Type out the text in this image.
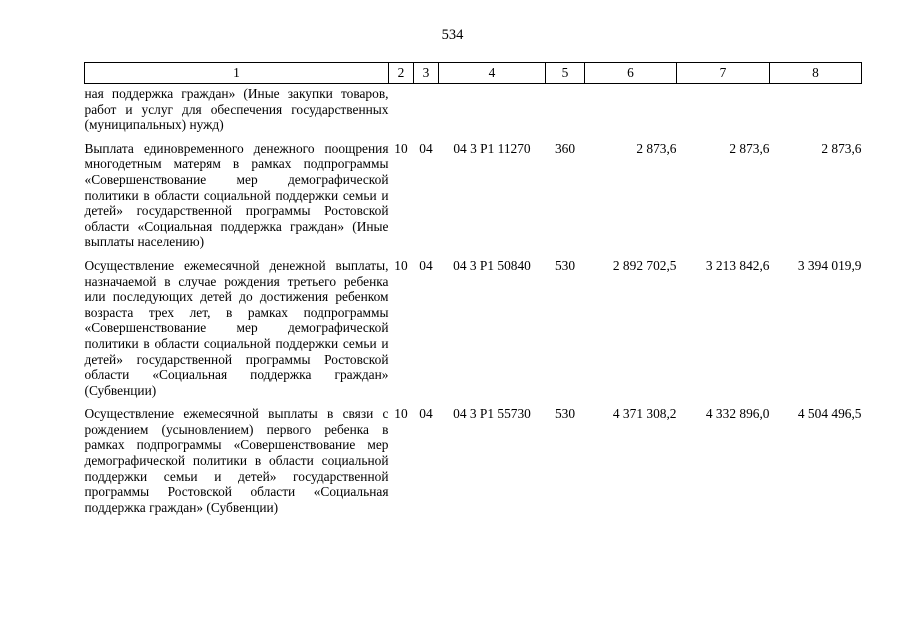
534
1	2	3	4	5	6	7	8
ная поддержка граждан» (Иные закупки товаров, работ и услуг для обеспечения государственных (муниципальных) нужд)							
Выплата единовременного денежного поощрения многодетным матерям в рамках подпрограммы «Совершенствование мер демографической политики в области социальной поддержки семьи и детей» государственной программы Ростовской области «Социальная поддержка граждан» (Иные выплаты населению)	10	04	04 3 P1 11270	360	2 873,6	2 873,6	2 873,6
Осуществление ежемесячной денежной выплаты, назначаемой в случае рождения третьего ребенка или последующих детей до достижения ребенком возраста трех лет, в рамках подпрограммы «Совершенствование мер демографической политики в области социальной поддержки семьи и детей» государственной программы Ростовской области «Социальная поддержка граждан» (Субвенции)	10	04	04 3 P1 50840	530	2 892 702,5	3 213 842,6	3 394 019,9
Осуществление ежемесячной выплаты в связи с рождением (усыновлением) первого ребенка в рамках подпрограммы «Совершенствование мер демографической политики в области социальной поддержки семьи и детей» государственной программы Ростовской области «Социальная поддержка граждан» (Субвенции)	10	04	04 3 P1 55730	530	4 371 308,2	4 332 896,0	4 504 496,5
